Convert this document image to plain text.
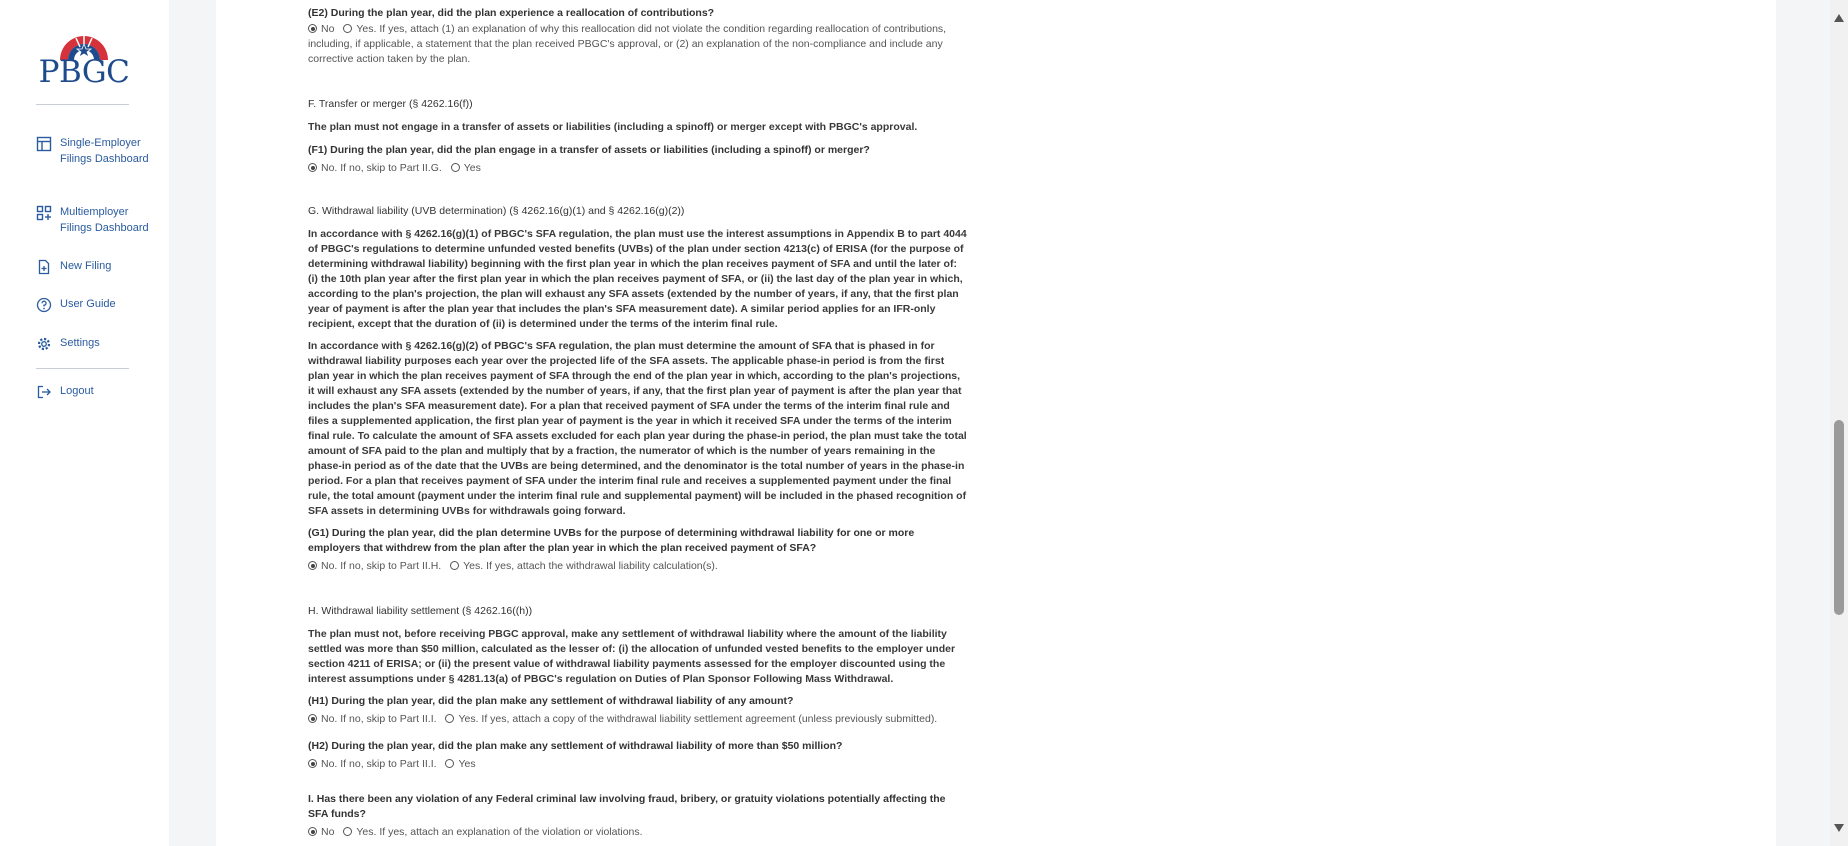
PBGC
Single-Employer Filings Dashboard
Multiemployer Filings Dashboard
New Filing
User Guide
Settings
Logout
(E2) During the plan year, did the plan experience a reallocation of contributions?
No Yes. If yes, attach (1) an explanation of why this reallocation did not violate the condition regarding reallocation of contributions, including, if applicable, a statement that the plan received PBGC's approval, or (2) an explanation of the non-compliance and include any corrective action taken by the plan.
F. Transfer or merger (§ 4262.16(f))
The plan must not engage in a transfer of assets or liabilities (including a spinoff) or merger except with PBGC's approval.
(F1) During the plan year, did the plan engage in a transfer of assets or liabilities (including a spinoff) or merger?
No. If no, skip to Part II.G. Yes
G. Withdrawal liability (UVB determination) (§ 4262.16(g)(1) and § 4262.16(g)(2))
In accordance with § 4262.16(g)(1) of PBGC's SFA regulation, the plan must use the interest assumptions in Appendix B to part 4044 of PBGC's regulations to determine unfunded vested benefits (UVBs) of the plan under section 4213(c) of ERISA (for the purpose of determining withdrawal liability) beginning with the first plan year in which the plan receives payment of SFA and until the later of: (i) the 10th plan year after the first plan year in which the plan receives payment of SFA, or (ii) the last day of the plan year in which, according to the plan's projection, the plan will exhaust any SFA assets (extended by the number of years, if any, that the first plan year of payment is after the plan year that includes the plan's SFA measurement date). A similar period applies for an IFR-only recipient, except that the duration of (ii) is determined under the terms of the interim final rule.
In accordance with § 4262.16(g)(2) of PBGC's SFA regulation, the plan must determine the amount of SFA that is phased in for withdrawal liability purposes each year over the projected life of the SFA assets. The applicable phase-in period is from the first plan year in which the plan receives payment of SFA through the end of the plan year in which, according to the plan's projections, it will exhaust any SFA assets (extended by the number of years, if any, that the first plan year of payment is after the plan year that includes the plan's SFA measurement date). For a plan that received payment of SFA under the terms of the interim final rule and files a supplemented application, the first plan year of payment is the year in which it received SFA under the terms of the interim final rule. To calculate the amount of SFA assets excluded for each plan year during the phase-in period, the plan must take the total amount of SFA paid to the plan and multiply that by a fraction, the numerator of which is the number of years remaining in the phase-in period as of the date that the UVBs are being determined, and the denominator is the total number of years in the phase-in period. For a plan that receives payment of SFA under the interim final rule and receives a supplemented payment under the final rule, the total amount (payment under the interim final rule and supplemental payment) will be included in the phased recognition of SFA assets in determining UVBs for withdrawals going forward.
(G1) During the plan year, did the plan determine UVBs for the purpose of determining withdrawal liability for one or more employers that withdrew from the plan after the plan year in which the plan received payment of SFA?
No. If no, skip to Part II.H. Yes. If yes, attach the withdrawal liability calculation(s).
H. Withdrawal liability settlement (§ 4262.16((h))
The plan must not, before receiving PBGC approval, make any settlement of withdrawal liability where the amount of the liability settled was more than $50 million, calculated as the lesser of: (i) the allocation of unfunded vested benefits to the employer under section 4211 of ERISA; or (ii) the present value of withdrawal liability payments assessed for the employer discounted using the interest assumptions under § 4281.13(a) of PBGC's regulation on Duties of Plan Sponsor Following Mass Withdrawal.
(H1) During the plan year, did the plan make any settlement of withdrawal liability of any amount?
No. If no, skip to Part II.I. Yes. If yes, attach a copy of the withdrawal liability settlement agreement (unless previously submitted).
(H2) During the plan year, did the plan make any settlement of withdrawal liability of more than $50 million?
No. If no, skip to Part II.I. Yes
I. Has there been any violation of any Federal criminal law involving fraud, bribery, or gratuity violations potentially affecting the SFA funds?
No Yes. If yes, attach an explanation of the violation or violations.
